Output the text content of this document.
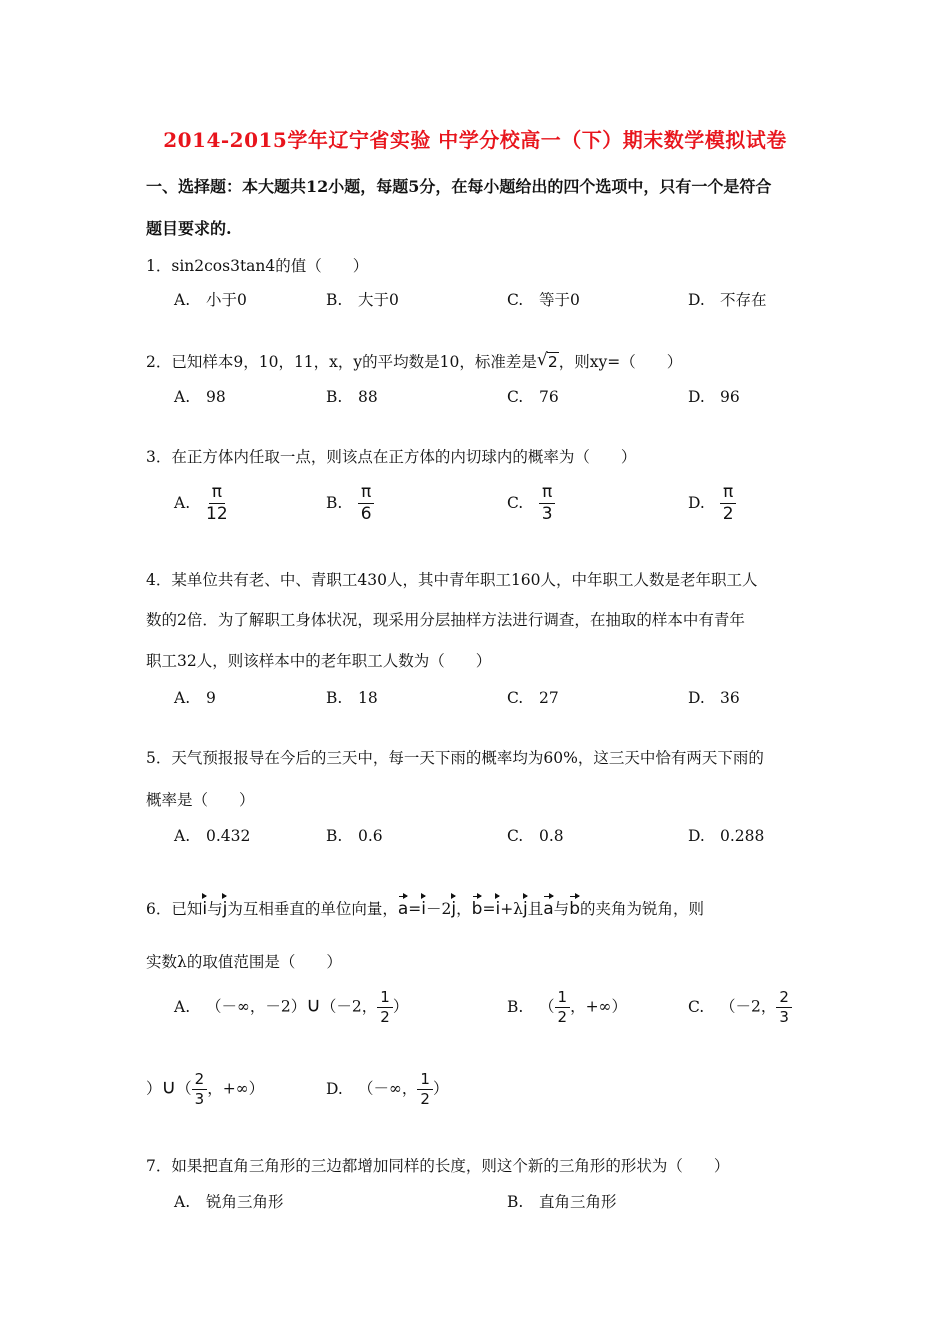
2014-2015学年辽宁省实验 中学分校高一（下）期末数学模拟试卷
一、选择题：本大题共12小题，每题5分，在每小题给出的四个选项中，只有一个是符合
题目要求的.
1．sin2cos3tan4的值（　　）
A. 小于0	B. 大于0	C. 等于0	D. 不存在
2．已知样本9，10，11，x，y的平均数是10，标准差是 √ 2，则xy=（　　）
A. 98	B. 88	C. 76	D. 96
3．在正方体内任取一点，则该点在正方体的内切球内的概率为（　　）
A. $\frac{\pi}{12}$	B. $\frac{\pi}{6}$	C. $\frac{\pi}{3}$	D. $\frac{\pi}{2}$
4．某单位共有老、中、青职工430人，其中青年职工160人，中年职工人数是老年职工人
数的2倍．为了解职工身体状况，现采用分层抽样方法进行调查，在抽取的样本中有青年
职工32人，则该样本中的老年职工人数为（　　）
A. 9	B. 18	C. 27	D. 36
5．天气预报报导在今后的三天中，每一天下雨的概率均为60%，这三天中恰有两天下雨的
概率是（　　）
A. 0.432	B. 0.6	C. 0.8	D. 0.288
6．已知i与j为互相垂直的单位向量，a=i－2j，b=i+λj且a与b的夹角为锐角，则
实数λ的取值范围是（　　）
A. （－∞，－2）∪（－2， $\frac{1}{2}$ ）	B. （ $\frac{1}{2}$ ，+∞）	C. （－2， $\frac{2}{3}$
）∪（ $\frac{2}{3}$ ，+∞）	D. （－∞， $\frac{1}{2}$ ）
7．如果把直角三角形的三边都增加同样的长度，则这个新的三角形的形状为（　　）
A. 锐角三角形	B. 直角三角形
